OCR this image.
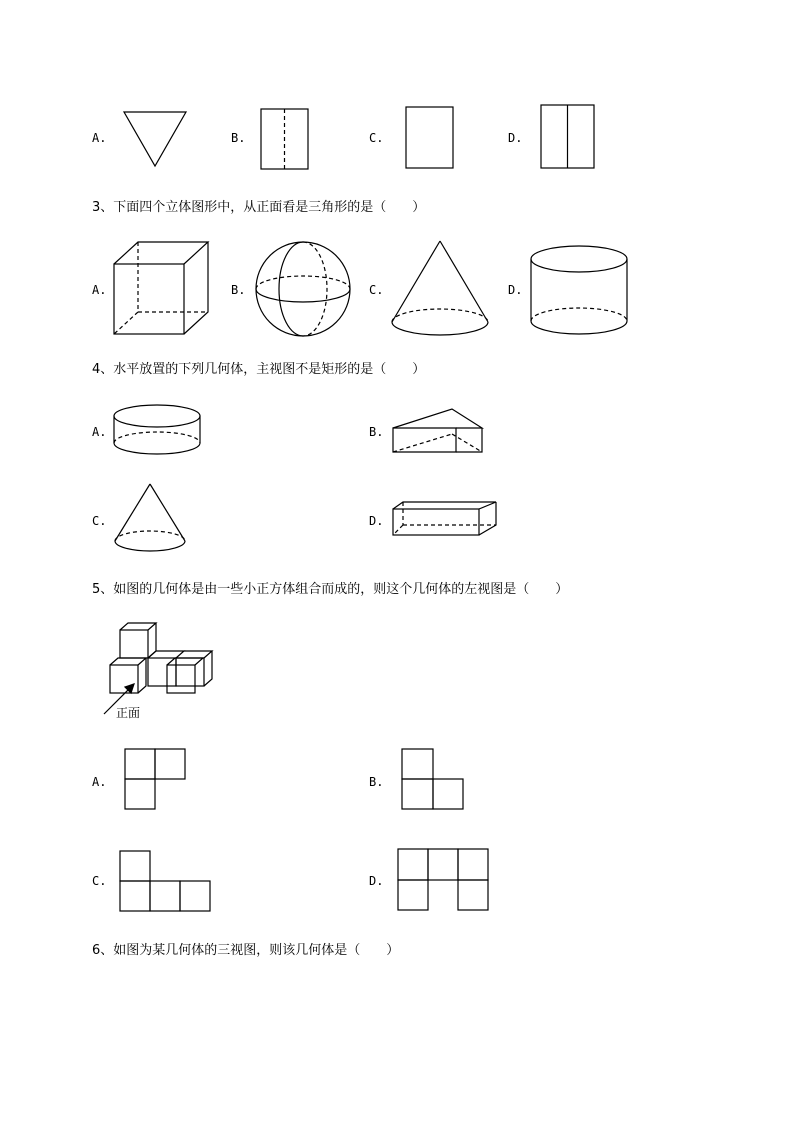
A.	B.	C.	D.
3、下面四个立体图形中，从正面看是三角形的是（　　）
A.	B.	C.	D.
4、水平放置的下列几何体，主视图不是矩形的是（　　）
A.	B.
C.	D.
5、如图的几何体是由一些小正方体组合而成的，则这个几何体的左视图是（　　）
正面
A.	B.
C.	D.
6、如图为某几何体的三视图，则该几何体是（　　）
